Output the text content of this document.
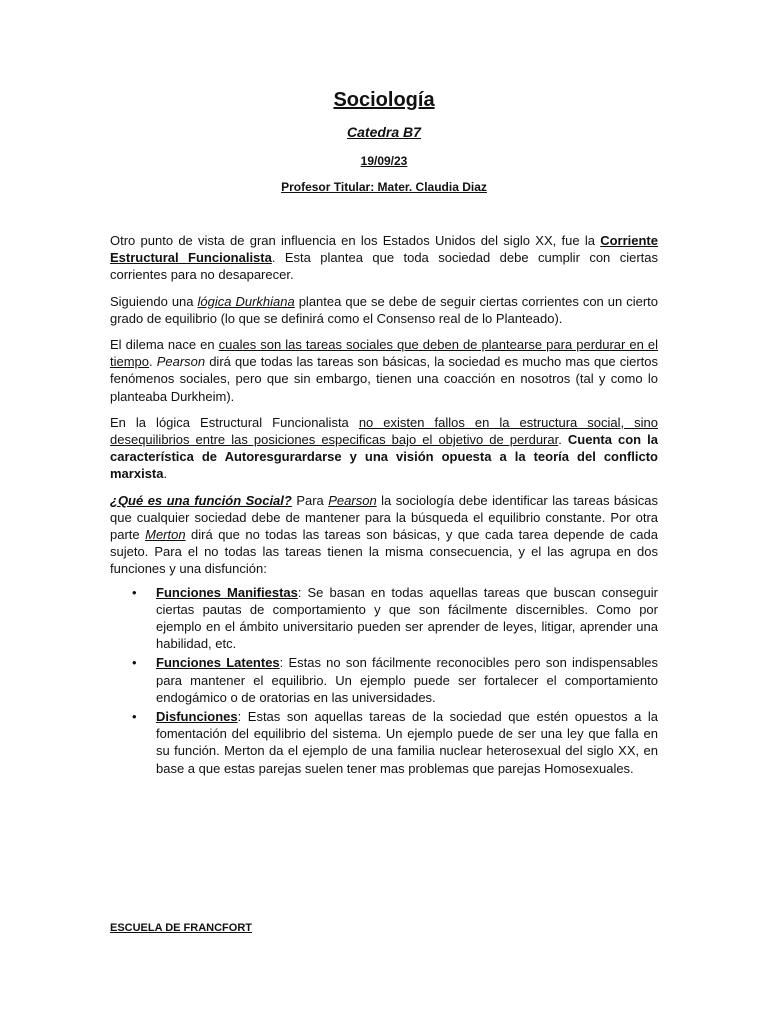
Sociología
Catedra B7
19/09/23
Profesor Titular: Mater. Claudia Diaz

Otro punto de vista de gran influencia en los Estados Unidos del siglo XX, fue la Corriente Estructural Funcionalista. Esta plantea que toda sociedad debe cumplir con ciertas corrientes para no desaparecer.

Siguiendo una lógica Durkhiana plantea que se debe de seguir ciertas corrientes con un cierto grado de equilibrio (lo que se definirá como el Consenso real de lo Planteado).

El dilema nace en cuales son las tareas sociales que deben de plantearse para perdurar en el tiempo. Pearson dirá que todas las tareas son básicas, la sociedad es mucho mas que ciertos fenómenos sociales, pero que sin embargo, tienen una coacción en nosotros (tal y como lo planteaba Durkheim).

En la lógica Estructural Funcionalista no existen fallos en la estructura social, sino desequilibrios entre las posiciones especificas bajo el objetivo de perdurar. Cuenta con la característica de Autoresgurardarse y una visión opuesta a la teoría del conflicto marxista.

¿Qué es una función Social? Para Pearson la sociología debe identificar las tareas básicas que cualquier sociedad debe de mantener para la búsqueda el equilibrio constante. Por otra parte Merton dirá que no todas las tareas son básicas, y que cada tarea depende de cada sujeto. Para el no todas las tareas tienen la misma consecuencia, y el las agrupa en dos funciones y una disfunción:

• Funciones Manifiestas: Se basan en todas aquellas tareas que buscan conseguir ciertas pautas de comportamiento y que son fácilmente discernibles. Como por ejemplo en el ámbito universitario pueden ser aprender de leyes, litigar, aprender una habilidad, etc.
• Funciones Latentes: Estas no son fácilmente reconocibles pero son indispensables para mantener el equilibrio. Un ejemplo puede ser fortalecer el comportamiento endogámico o de oratorias en las universidades.
• Disfunciones: Estas son aquellas tareas de la sociedad que estén opuestos a la fomentación del equilibrio del sistema. Un ejemplo puede de ser una ley que falla en su función. Merton da el ejemplo de una familia nuclear heterosexual del siglo XX, en base a que estas parejas suelen tener mas problemas que parejas Homosexuales.
ESCUELA DE FRANCFORT
